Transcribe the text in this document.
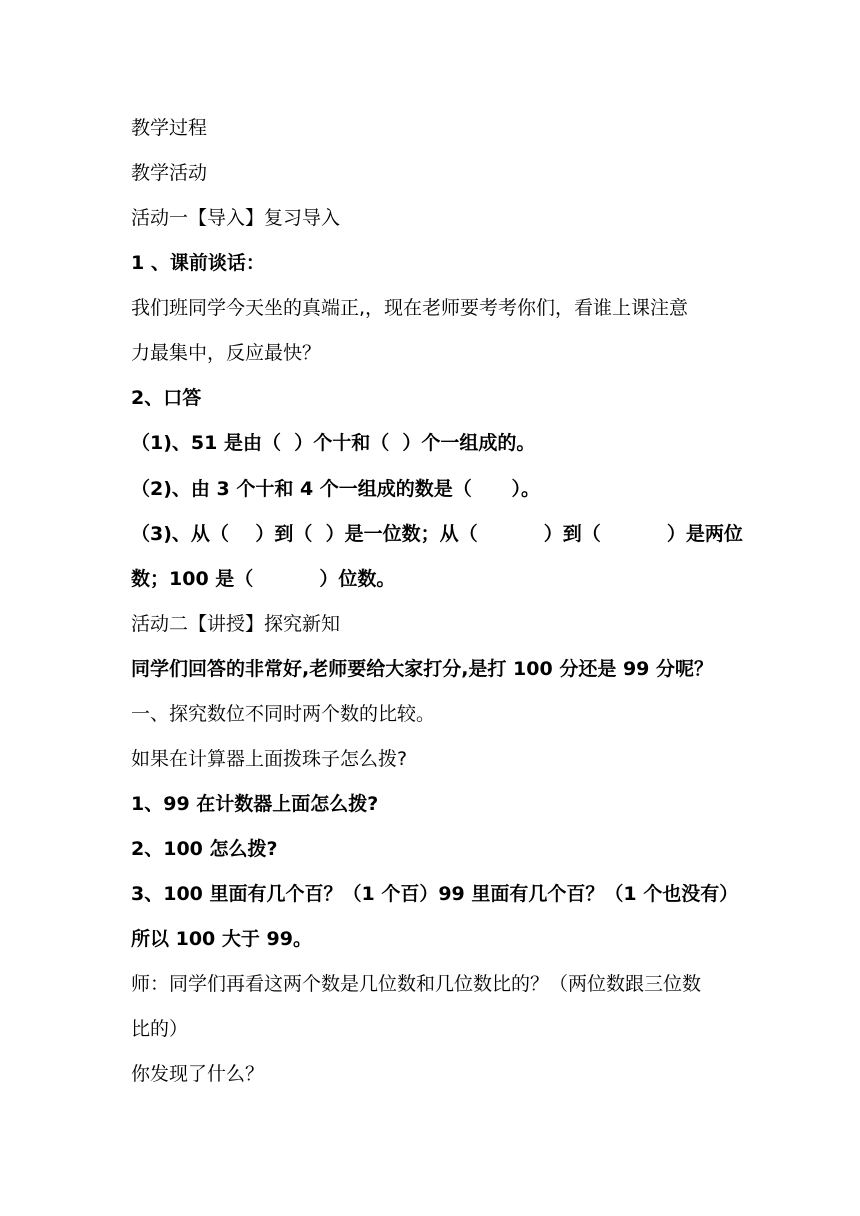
教学过程
教学活动
活动一【导入】复习导入
1 、课前谈话：
我们班同学今天坐的真端正,，现在老师要考考你们，看谁上课注意
力最集中，反应最快？
2、口答
（1)、51 是由（  ）个十和（  ）个一组成的。
（2)、由 3 个十和 4 个一组成的数是（      ）。
（3)、从（    ）到（  ）是一位数；从（          ）到（          ）是两位
数；100 是（          ）位数。
活动二【讲授】探究新知
同学们回答的非常好,老师要给大家打分,是打 100 分还是 99 分呢？
一、探究数位不同时两个数的比较。
如果在计算器上面拨珠子怎么拨?
1、99 在计数器上面怎么拨?
2、100 怎么拨?
3、100 里面有几个百？（1 个百）99 里面有几个百？（1 个也没有）
所以 100 大于 99。
师：同学们再看这两个数是几位数和几位数比的？（两位数跟三位数
比的）
你发现了什么？
